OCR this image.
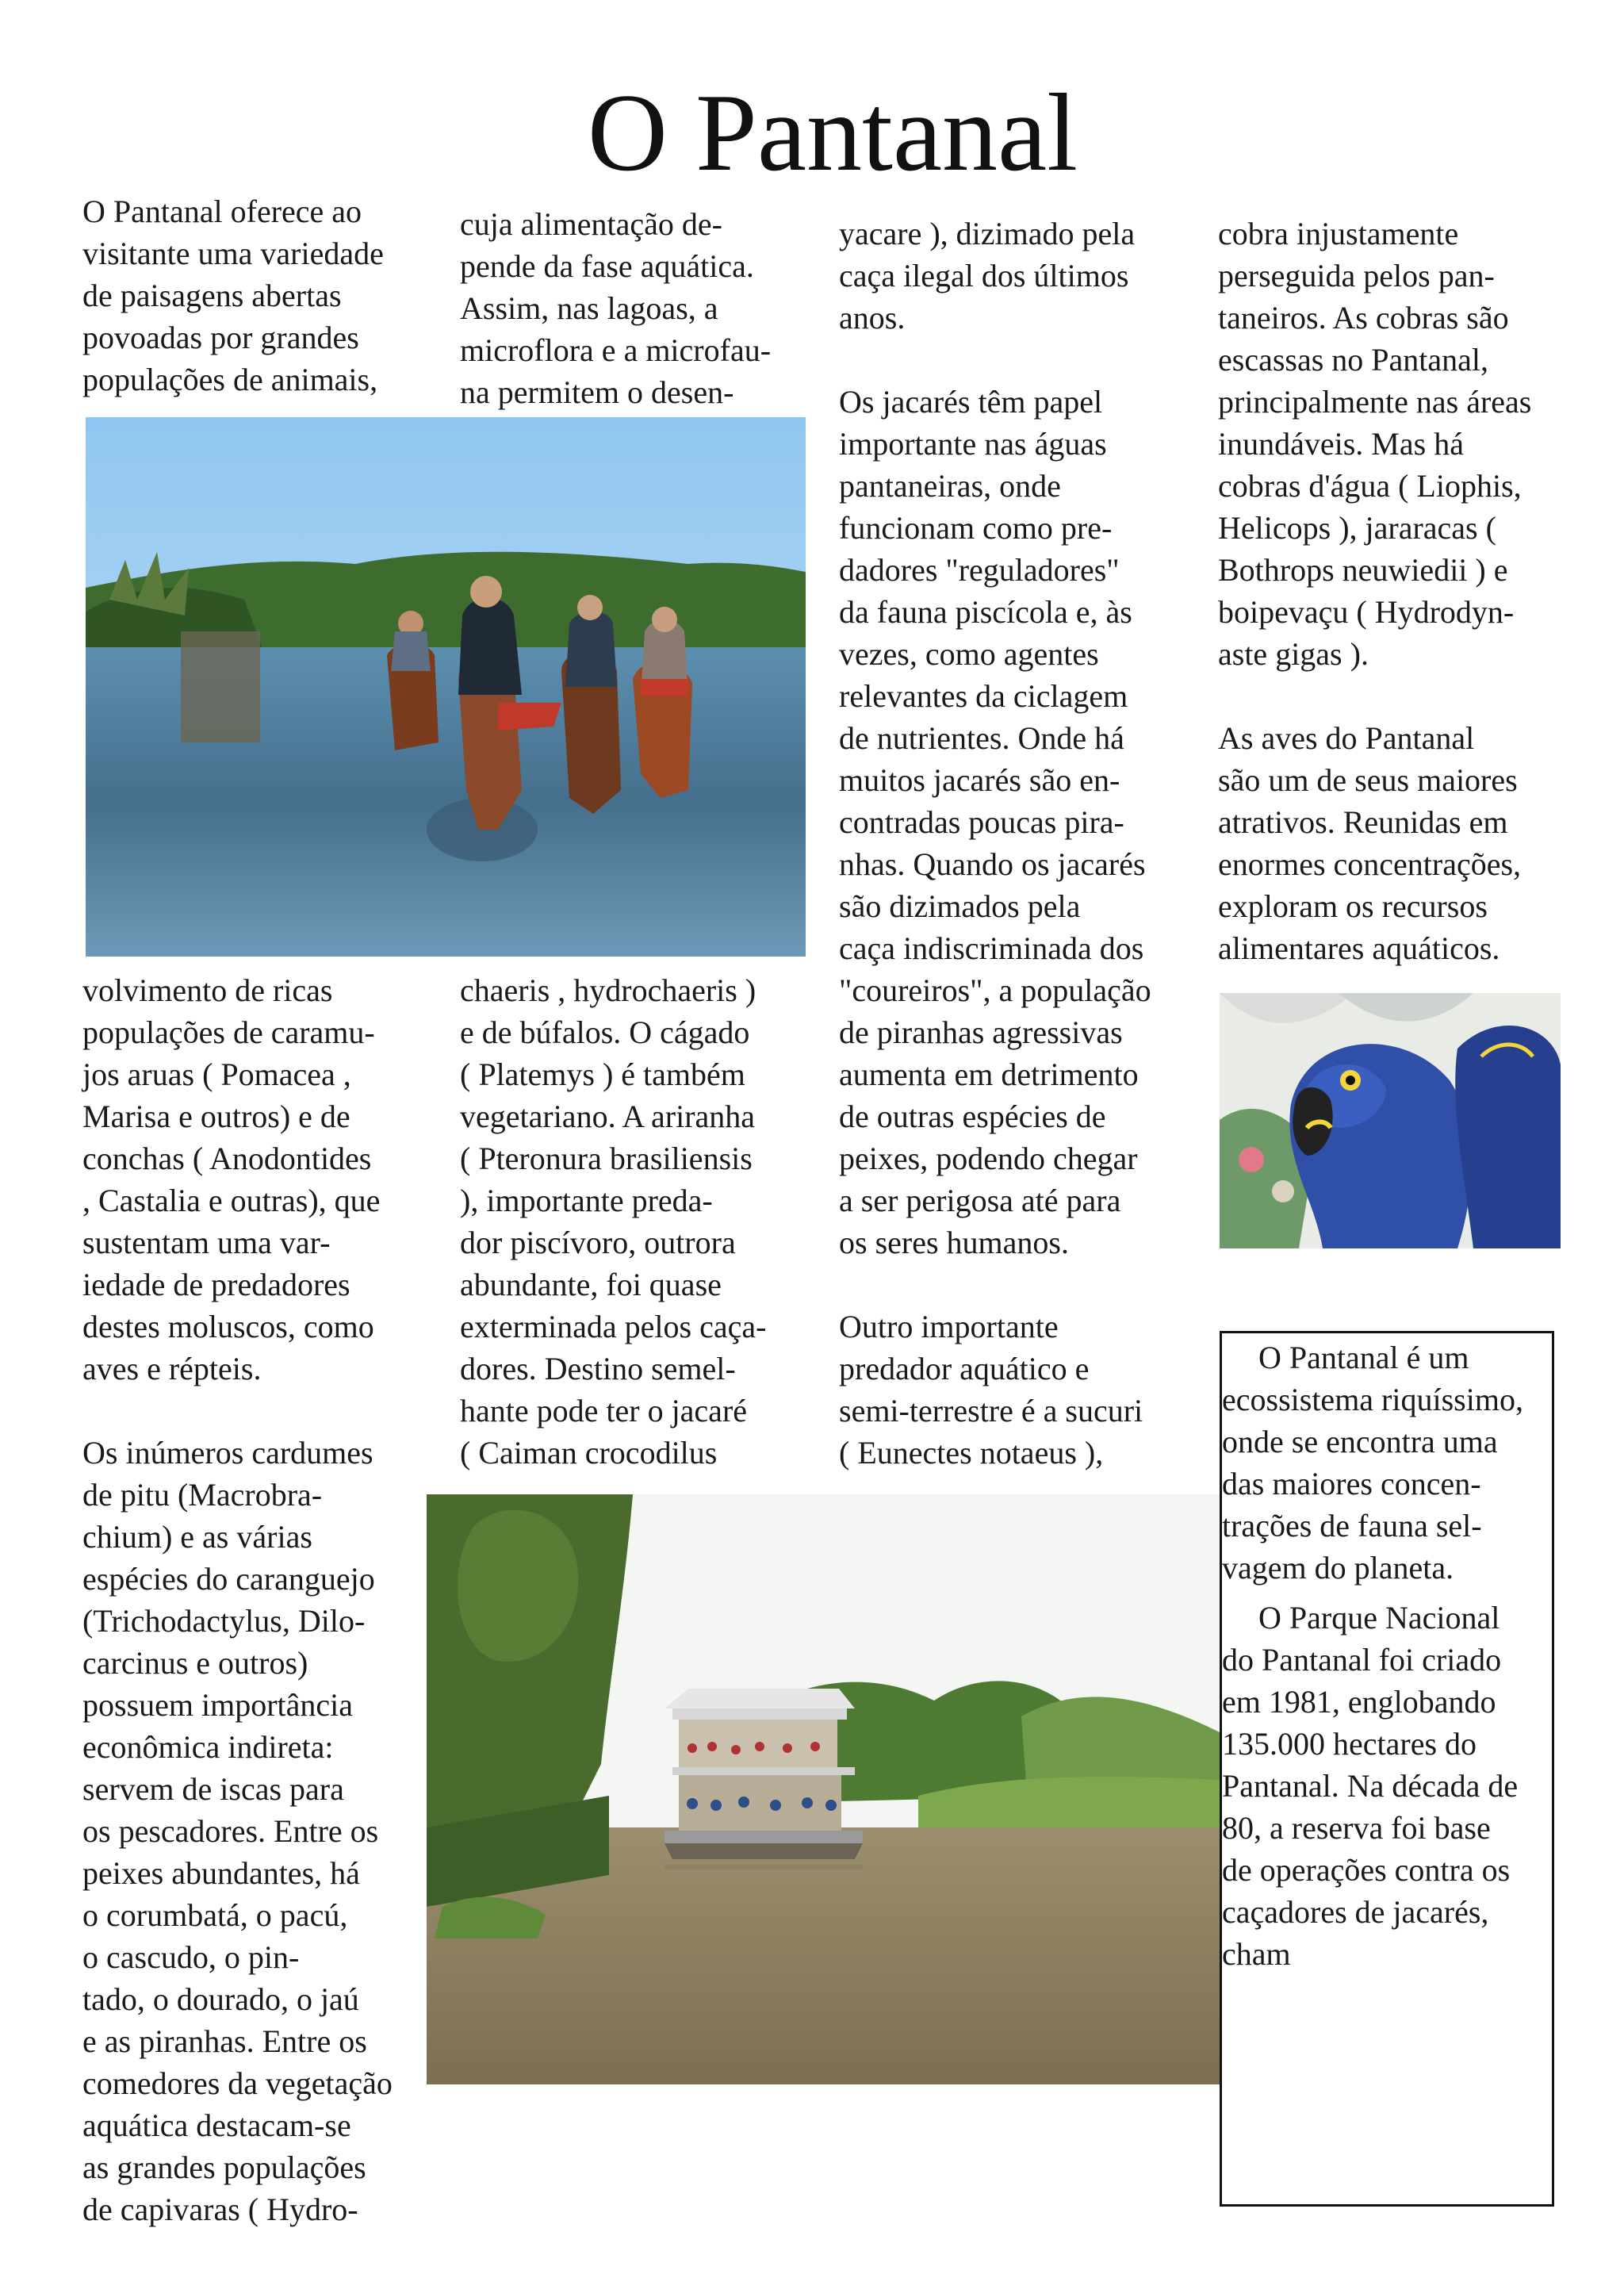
O Pantanal

O Pantanal oferece ao
visitante uma variedade
de paisagens abertas
povoadas por grandes
populações de animais,

cuja alimentação de-
pende da fase aquática.
Assim, nas lagoas, a
microflora e a microfau-
na permitem o desen-

volvimento de ricas
populações de caramu-
jos aruas ( Pomacea ,
Marisa e outros) e de
conchas ( Anodontides
, Castalia e outras), que
sustentam uma var-
iedade de predadores
destes moluscos, como
aves e répteis.

Os inúmeros cardumes
de pitu (Macrobra-
chium) e as várias
espécies do caranguejo
(Trichodactylus, Dilo-
carcinus e outros)
possuem importância
econômica indireta:
servem de iscas para
os pescadores. Entre os
peixes abundantes, há
o corumbatá, o pacú,
o cascudo, o pin-
tado, o dourado, o jaú
e as piranhas. Entre os
comedores da vegetação
aquática destacam-se
as grandes populações
de capivaras ( Hydro-

chaeris , hydrochaeris )
e de búfalos. O cágado
( Platemys ) é também
vegetariano. A ariranha
( Pteronura brasiliensis
), importante preda-
dor piscívoro, outrora
abundante, foi quase
exterminada pelos caça-
dores. Destino semel-
hante pode ter o jacaré
( Caiman crocodilus

yacare ), dizimado pela
caça ilegal dos últimos
anos.

Os jacarés têm papel
importante nas águas
pantaneiras, onde
funcionam como pre-
dadores "reguladores"
da fauna piscícola e, às
vezes, como agentes
relevantes da ciclagem
de nutrientes. Onde há
muitos jacarés são en-
contradas poucas pira-
nhas. Quando os jacarés
são dizimados pela
caça indiscriminada dos
"coureiros", a população
de piranhas agressivas
aumenta em detrimento
de outras espécies de
peixes, podendo chegar
a ser perigosa até para
os seres humanos.

Outro importante
predador aquático e
semi-terrestre é a sucuri
( Eunectes notaeus ),

cobra injustamente
perseguida pelos pan-
taneiros. As cobras são
escassas no Pantanal,
principalmente nas áreas
inundáveis. Mas há
cobras d'água ( Liophis,
Helicops ), jararacas (
Bothrops neuwiedii ) e
boipevaçu ( Hydrodyn-
aste gigas ).

As aves do Pantanal
são um de seus maiores
atrativos. Reunidas em
enormes concentrações,
exploram os recursos
alimentares aquáticos.

O Pantanal é um
ecossistema riquíssimo,
onde se encontra uma
das maiores concen-
trações de fauna sel-
vagem do planeta.

O Parque Nacional
do Pantanal foi criado
em 1981, englobando
135.000 hectares do
Pantanal. Na década de
80, a reserva foi base
de operações contra os
caçadores de jacarés,
cham
